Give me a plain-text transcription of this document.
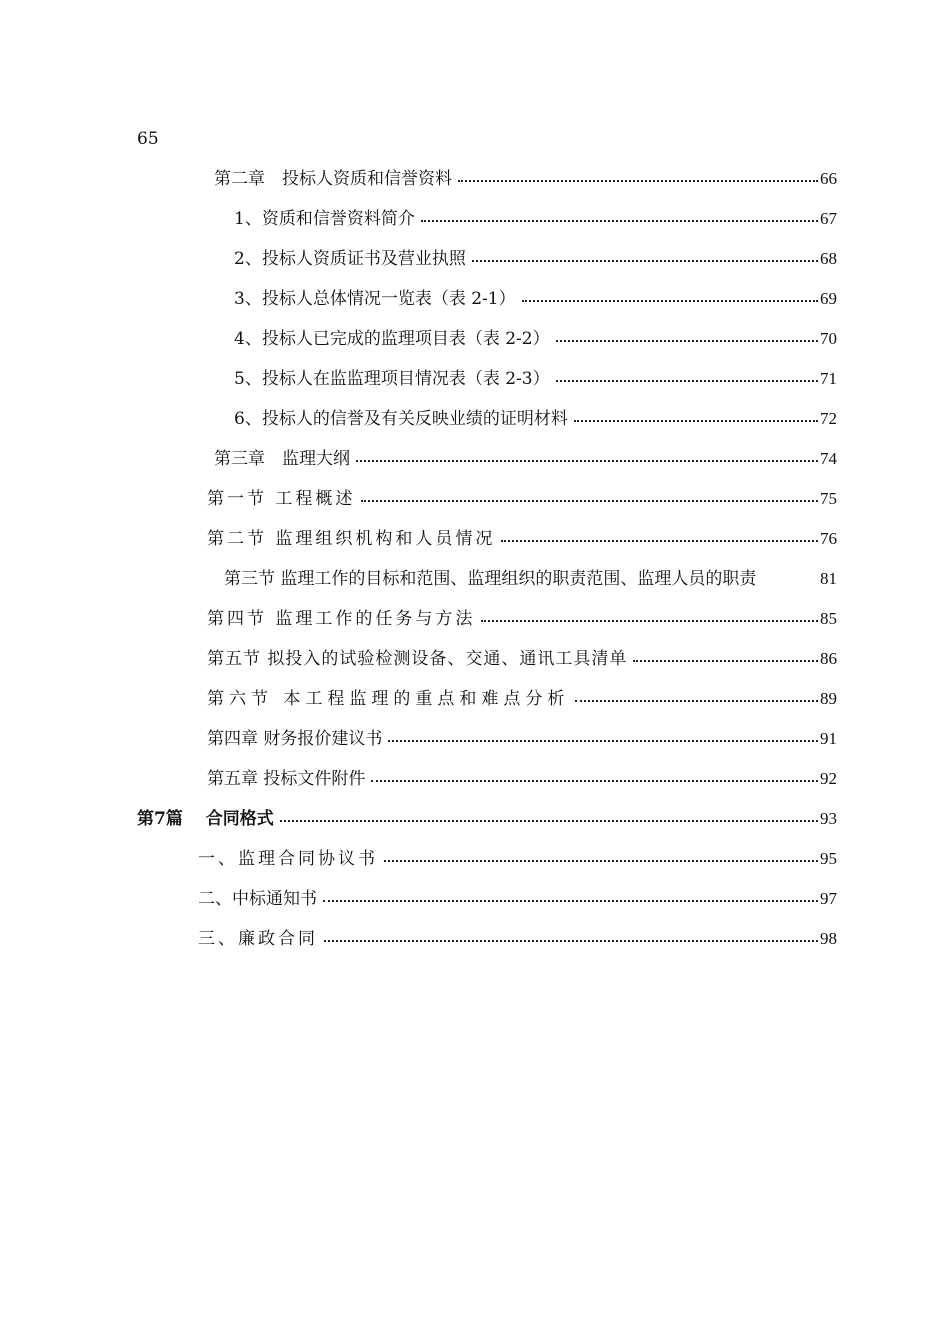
65
第二章　投标人资质和信誉资料	66
1、资质和信誉资料简介	67
2、投标人资质证书及营业执照	68
3、投标人总体情况一览表（表 2-1）	69
4、投标人已完成的监理项目表（表 2-2）	70
5、投标人在监监理项目情况表（表 2-3）	71
6、投标人的信誉及有关反映业绩的证明材料	72
第三章　监理大纲	74
第一节 工程概述	75
第二节 监理组织机构和人员情况	76
第三节 监理工作的目标和范围、监理组织的职责范围、监理人员的职责	81
第四节 监理工作的任务与方法	85
第五节 拟投入的试验检测设备、交通、通讯工具清单	86
第六节 本工程监理的重点和难点分析	89
第四章 财务报价建议书	91
第五章 投标文件附件	92
第7篇　 合同格式	93
一、监理合同协议书	95
二、中标通知书	97
三、廉政合同	98
